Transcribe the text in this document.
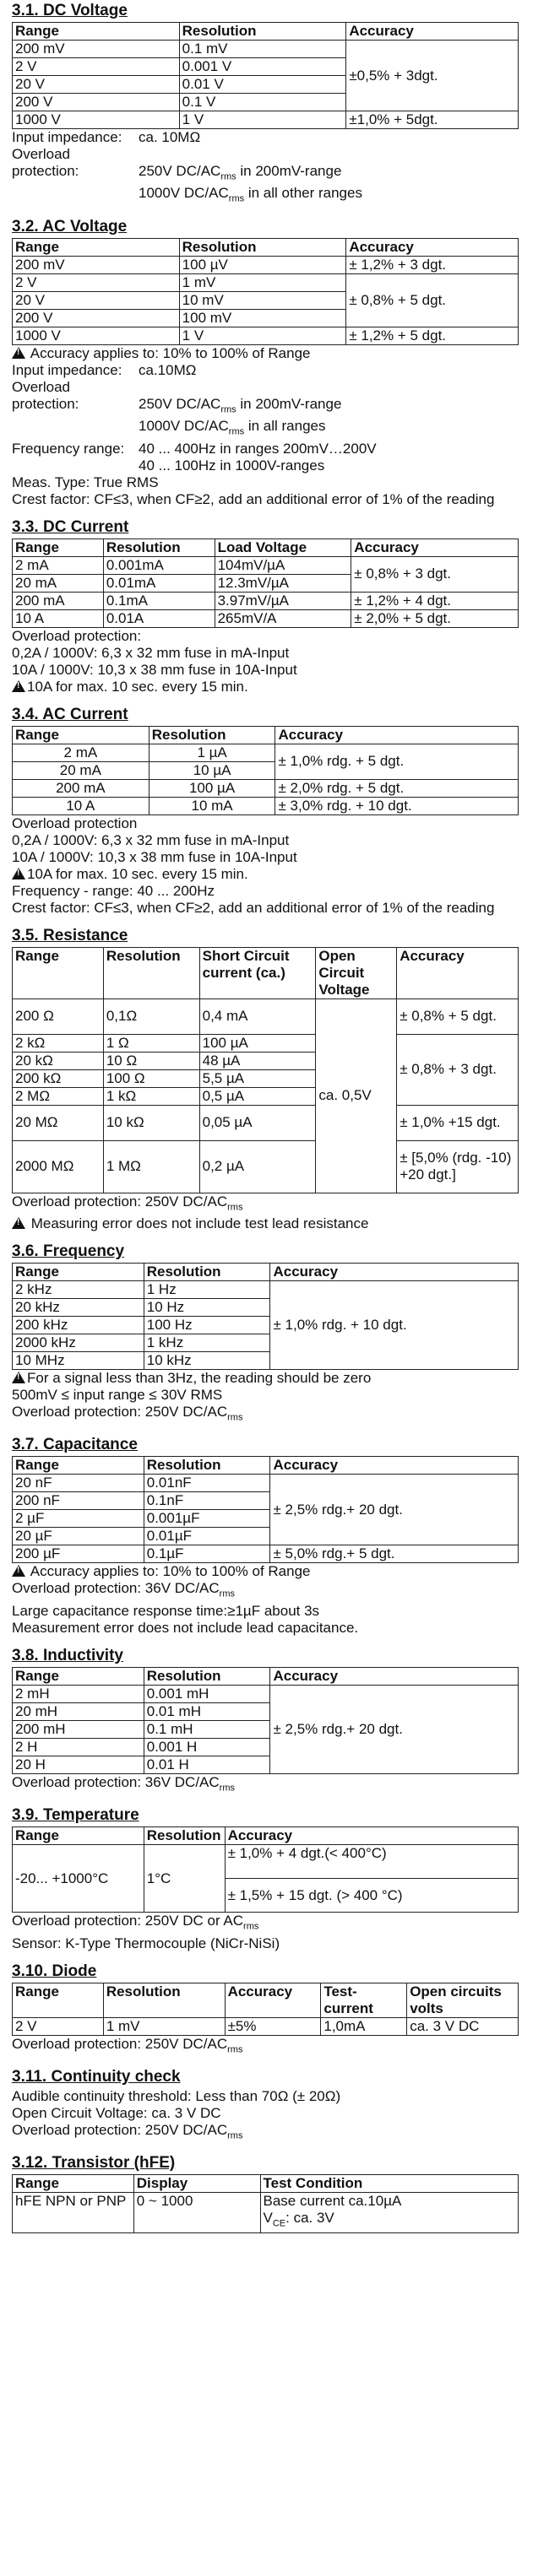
3.1. DC Voltage
Range	Resolution	Accuracy
200 mV	0.1 mV	±0,5% + 3dgt.
2 V	0.001 V	
20 V	0.01 V	
200 V	0.1 V	
1000 V	1 V	±1,0% + 5dgt.

Input impedance: ca. 10MΩ

Overload protection:	250V $DC/AC_{rms}$ in 200mV-range

1000V $DC/AC_{rms}$ in all other ranges

3.2. AC Voltage
Range	Resolution	Accuracy
200 mV	100 µV	± 1,2% + 3 dgt.
2 V	1 mV	± 0,8% + 5 dgt.
20 V	10 mV	
200 V	100 mV	
1000 V	1 V	± 1,2% + 5 dgt.

! Accuracy applies to: 10% to 100% of Range

Input impedance: ca.10MΩ

Overload protection:	250V $DC/AC_{rms}$ in 200mV-range

1000V $DC/AC_{rms}$ in all ranges

Frequency range: 40 ... 400Hz in ranges 200mV…200V

40 ... 100Hz in 1000V-ranges

Meas. Type: True RMS

Crest factor: CF≤3, when CF≥2, add an additional error of 1% of the reading

3.3. DC Current
Range	Resolution	Load Voltage	Accuracy
2 mA	0.001mA	104mV/µA	± 0,8% + 3 dgt.
20 mA	0.01mA	12.3mV/µA	
200 mA	0.1mA	3.97mV/µA	± 1,2% + 4 dgt.
10 A	0.01A	265mV/A	± 2,0% + 5 dgt.

Overload protection:

0,2A / 1000V: 6,3 x 32 mm fuse in mA-Input

10A / 1000V: 10,3 x 38 mm fuse in 10A-Input

!10A for max. 10 sec. every 15 min.

3.4. AC Current
Range	Resolution	Accuracy
2 mA	1 µA	± 1,0% rdg. + 5 dgt.
20 mA	10 µA	
200 mA	100 µA	± 2,0% rdg. + 5 dgt.
10 A	10 mA	± 3,0% rdg. + 10 dgt.

Overload protection

0,2A / 1000V: 6,3 x 32 mm fuse in mA-Input

10A / 1000V: 10,3 x 38 mm fuse in 10A-Input

!10A for max. 10 sec. every 15 min.

Frequency - range: 40 ... 200Hz

Crest factor: CF≤3, when CF≥2, add an additional error of 1% of the reading

3.5. Resistance
Range	Resolution	Short Circuit current (ca.)	Open Circuit Voltage	Accuracy
200 Ω	0,1Ω	0,4 mA	ca. 0,5V	± 0,8% + 5 dgt.
2 kΩ	1 Ω	100 µA		± 0,8% + 3 dgt.
20 kΩ	10 Ω	48 µA		
200 kΩ	100 Ω	5,5 µA		
2 MΩ	1 kΩ	0,5 µA		
20 MΩ	10 kΩ	0,05 µA		± 1,0% +15 dgt.
2000 MΩ	1 MΩ	0,2 µA		± [5,0% (rdg. -10) +20 dgt.]

Overload protection: 250V $DC/AC_{rms}$

! Measuring error does not include test lead resistance

3.6. Frequency
Range	Resolution	Accuracy
2 kHz	1 Hz	± 1,0% rdg. + 10 dgt.
20 kHz	10 Hz	
200 kHz	100 Hz	
2000 kHz	1 kHz	
10 MHz	10 kHz	

!For a signal less than 3Hz, the reading should be zero

500mV ≤ input range ≤ 30V RMS

Overload protection: 250V $DC/AC_{rms}$

3.7. Capacitance
Range	Resolution	Accuracy
20 nF	0.01nF	± 2,5% rdg.+ 20 dgt.
200 nF	0.1nF	
2 µF	0.001µF	
20 µF	0.01µF	
200 µF	0.1µF	± 5,0% rdg.+ 5 dgt.

! Accuracy applies to: 10% to 100% of Range

Overload protection: 36V $DC/AC_{rms}$

Large capacitance response time:≥1µF about 3s

Measurement error does not include lead capacitance.

3.8. Inductivity
Range	Resolution	Accuracy
2 mH	0.001 mH	± 2,5% rdg.+ 20 dgt.
20 mH	0.01 mH	
200 mH	0.1 mH	
2 H	0.001 H	
20 H	0.01 H	

Overload protection: 36V $DC/AC_{rms}$

3.9. Temperature
Range	Resolution	Accuracy
-20... +1000°C	1°C	± 1,0% + 4 dgt.(< 400°C)
		± 1,5% + 15 dgt. (> 400 °C)

Overload protection: 250V DC or $AC_{rms}$

Sensor: K-Type Thermocouple (NiCr-NiSi)

3.10. Diode
Range	Resolution	Accuracy	Test-current	Open circuits volts
2 V	1 mV	±5%	1,0mA	ca. 3 V DC

Overload protection: 250V $DC/AC_{rms}$

3.11. Continuity check

Audible continuity threshold: Less than 70Ω (± 20Ω)

Open Circuit Voltage: ca. 3 V DC

Overload protection: 250V $DC/AC_{rms}$

3.12. Transistor (hFE)
Range	Display	Test Condition
hFE NPN or PNP	0 ~ 1000	Base current ca.10µA
$V_{CE}$: ca. 3V
